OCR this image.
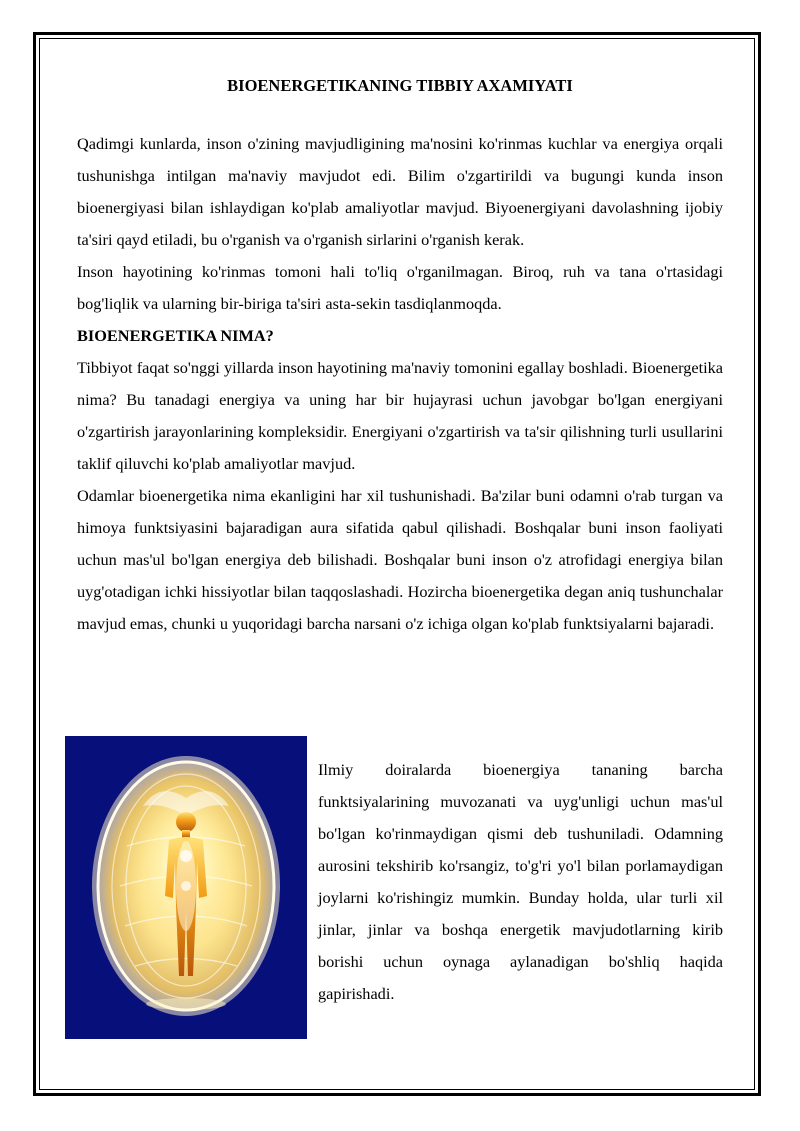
BIOENERGETIKANING TIBBIY AXAMIYATI

Qadimgi kunlarda, inson o'zining mavjudligining ma'nosini ko'rinmas kuchlar va energiya orqali tushunishga intilgan ma'naviy mavjudot edi. Bilim o'zgartirildi va bugungi kunda inson bioenergiyasi bilan ishlaydigan ko'plab amaliyotlar mavjud. Biyoenergiyani davolashning ijobiy ta'siri qayd etiladi, bu o'rganish va o'rganish sirlarini o'rganish kerak.

Inson hayotining ko'rinmas tomoni hali to'liq o'rganilmagan. Biroq, ruh va tana o'rtasidagi bog'liqlik va ularning bir-biriga ta'siri asta-sekin tasdiqlanmoqda.

BIOENERGETIKA NIMA?

Tibbiyot faqat so'nggi yillarda inson hayotining ma'naviy tomonini egallay boshladi. Bioenergetika nima? Bu tanadagi energiya va uning har bir hujayrasi uchun javobgar bo'lgan energiyani o'zgartirish jarayonlarining kompleksidir. Energiyani o'zgartirish va ta'sir qilishning turli usullarini taklif qiluvchi ko'plab amaliyotlar mavjud.

Odamlar bioenergetika nima ekanligini har xil tushunishadi. Ba'zilar buni odamni o'rab turgan va himoya funktsiyasini bajaradigan aura sifatida qabul qilishadi. Boshqalar buni inson faoliyati uchun mas'ul bo'lgan energiya deb bilishadi. Boshqalar buni inson o'z atrofidagi energiya bilan uyg'otadigan ichki hissiyotlar bilan taqqoslashadi. Hozircha bioenergetika degan aniq tushunchalar mavjud emas, chunki u yuqoridagi barcha narsani o'z ichiga olgan ko'plab funktsiyalarni bajaradi.

Ilmiy doiralarda bioenergiya tananing barcha funktsiyalarining muvozanati va uyg'unligi uchun mas'ul bo'lgan ko'rinmaydigan qismi deb tushuniladi. Odamning aurosini tekshirib ko'rsangiz, to'g'ri yo'l bilan porlamaydigan joylarni ko'rishingiz mumkin. Bunday holda, ular turli xil jinlar, jinlar va boshqa energetik mavjudotlarning kirib borishi uchun oynaga aylanadigan bo'shliq haqida gapirishadi.
